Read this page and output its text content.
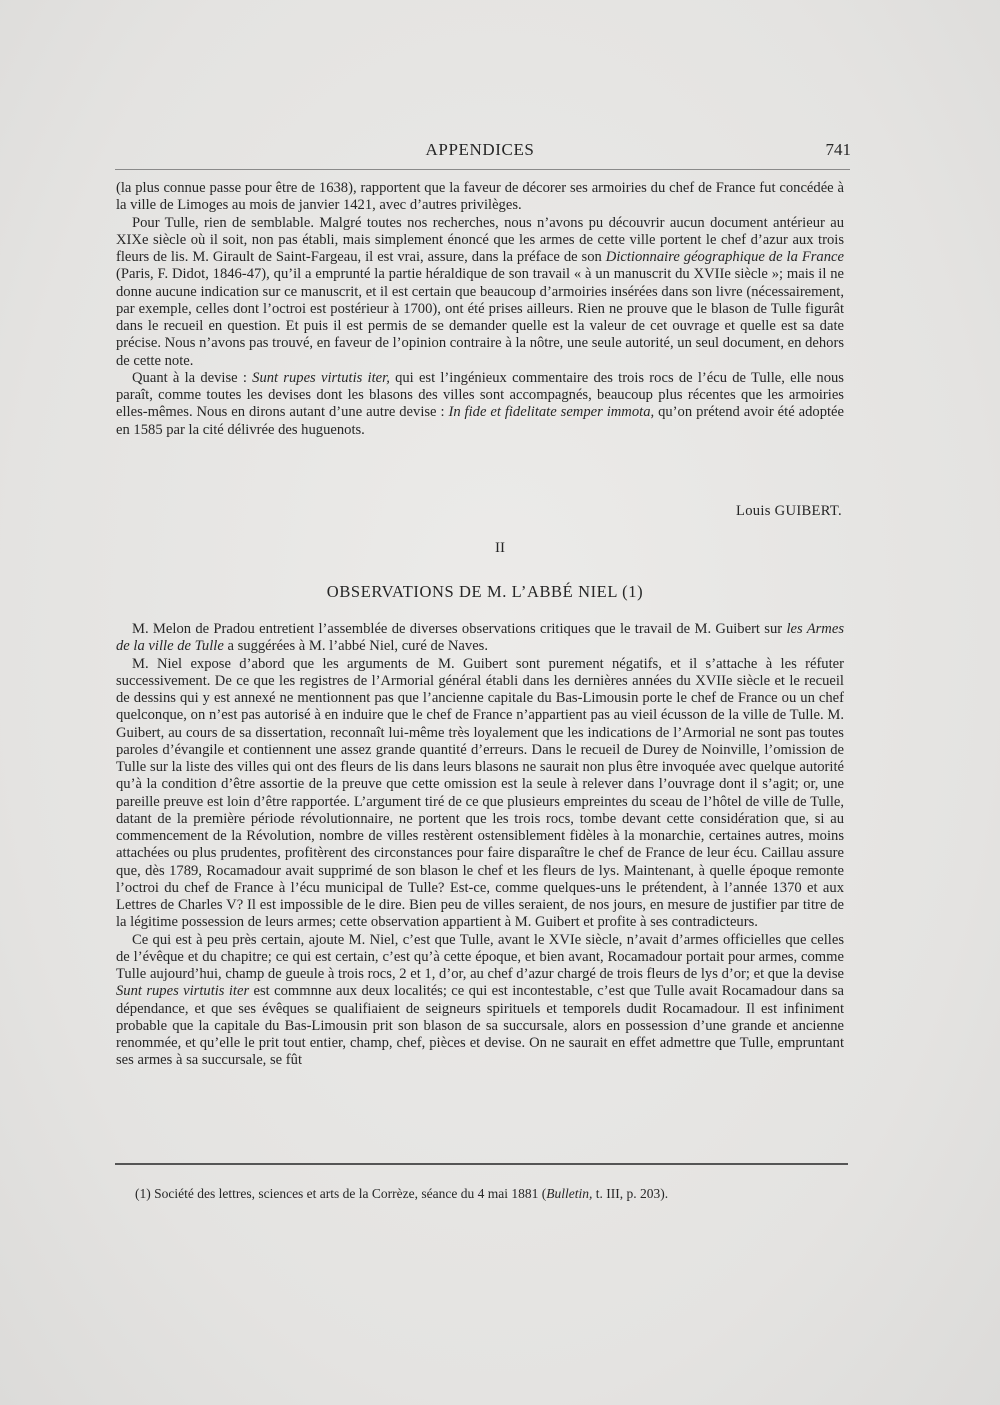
APPENDICES	741

(la plus connue passe pour être de 1638), rapportent que la faveur de décorer ses armoiries du chef de France fut concédée à la ville de Limoges au mois de janvier 1421, avec d’autres privilèges.

Pour Tulle, rien de semblable. Malgré toutes nos recherches, nous n’avons pu découvrir aucun document antérieur au XIXe siècle où il soit, non pas établi, mais simplement énoncé que les armes de cette ville portent le chef d’azur aux trois fleurs de lis. M. Girault de Saint-Fargeau, il est vrai, assure, dans la préface de son Dictionnaire géographique de la France (Paris, F. Didot, 1846-47), qu’il a emprunté la partie héraldique de son travail « à un manuscrit du XVIIe siècle »; mais il ne donne aucune indication sur ce manuscrit, et il est certain que beaucoup d’armoiries insérées dans son livre (nécessairement, par exemple, celles dont l’octroi est postérieur à 1700), ont été prises ailleurs. Rien ne prouve que le blason de Tulle figurât dans le recueil en question. Et puis il est permis de se demander quelle est la valeur de cet ouvrage et quelle est sa date précise. Nous n’avons pas trouvé, en faveur de l’opinion contraire à la nôtre, une seule autorité, un seul document, en dehors de cette note.

Quant à la devise : Sunt rupes virtutis iter, qui est l’ingénieux commentaire des trois rocs de l’écu de Tulle, elle nous paraît, comme toutes les devises dont les blasons des villes sont accompagnés, beaucoup plus récentes que les armoiries elles-mêmes. Nous en dirons autant d’une autre devise : In fide et fidelitate semper immota, qu’on prétend avoir été adoptée en 1585 par la cité délivrée des huguenots.

Louis GUIBERT.
II
OBSERVATIONS DE M. L’ABBÉ NIEL (1)

M. Melon de Pradou entretient l’assemblée de diverses observations critiques que le travail de M. Guibert sur les Armes de la ville de Tulle a suggérées à M. l’abbé Niel, curé de Naves.

M. Niel expose d’abord que les arguments de M. Guibert sont purement négatifs, et il s’attache à les réfuter successivement. De ce que les registres de l’Armorial général établi dans les dernières années du XVIIe siècle et le recueil de dessins qui y est annexé ne mentionnent pas que l’ancienne capitale du Bas-Limousin porte le chef de France ou un chef quelconque, on n’est pas autorisé à en induire que le chef de France n’appartient pas au vieil écusson de la ville de Tulle. M. Guibert, au cours de sa dissertation, reconnaît lui-même très loyalement que les indications de l’Armorial ne sont pas toutes paroles d’évangile et contiennent une assez grande quantité d’erreurs. Dans le recueil de Durey de Noinville, l’omission de Tulle sur la liste des villes qui ont des fleurs de lis dans leurs blasons ne saurait non plus être invoquée avec quelque autorité qu’à la condition d’être assortie de la preuve que cette omission est la seule à relever dans l’ouvrage dont il s’agit; or, une pareille preuve est loin d’être rapportée. L’argument tiré de ce que plusieurs empreintes du sceau de l’hôtel de ville de Tulle, datant de la première période révolutionnaire, ne portent que les trois rocs, tombe devant cette considération que, si au commencement de la Révolution, nombre de villes restèrent ostensiblement fidèles à la monarchie, certaines autres, moins attachées ou plus prudentes, profitèrent des circonstances pour faire disparaître le chef de France de leur écu. Caillau assure que, dès 1789, Rocamadour avait supprimé de son blason le chef et les fleurs de lys. Maintenant, à quelle époque remonte l’octroi du chef de France à l’écu municipal de Tulle? Est-ce, comme quelques-uns le prétendent, à l’année 1370 et aux Lettres de Charles V? Il est impossible de le dire. Bien peu de villes seraient, de nos jours, en mesure de justifier par titre de la légitime possession de leurs armes; cette observation appartient à M. Guibert et profite à ses contradicteurs.

Ce qui est à peu près certain, ajoute M. Niel, c’est que Tulle, avant le XVIe siècle, n’avait d’armes officielles que celles de l’évêque et du chapitre; ce qui est certain, c’est qu’à cette époque, et bien avant, Rocamadour portait pour armes, comme Tulle aujourd’hui, champ de gueule à trois rocs, 2 et 1, d’or, au chef d’azur chargé de trois fleurs de lys d’or; et que la devise Sunt rupes virtutis iter est commnne aux deux localités; ce qui est incontestable, c’est que Tulle avait Rocamadour dans sa dépendance, et que ses évêques se qualifiaient de seigneurs spirituels et temporels dudit Rocamadour. Il est infiniment probable que la capitale du Bas-Limousin prit son blason de sa succursale, alors en possession d’une grande et ancienne renommée, et qu’elle le prit tout entier, champ, chef, pièces et devise. On ne saurait en effet admettre que Tulle, empruntant ses armes à sa succursale, se fût

(1) Société des lettres, sciences et arts de la Corrèze, séance du 4 mai 1881 (Bulletin, t. III, p. 203).
